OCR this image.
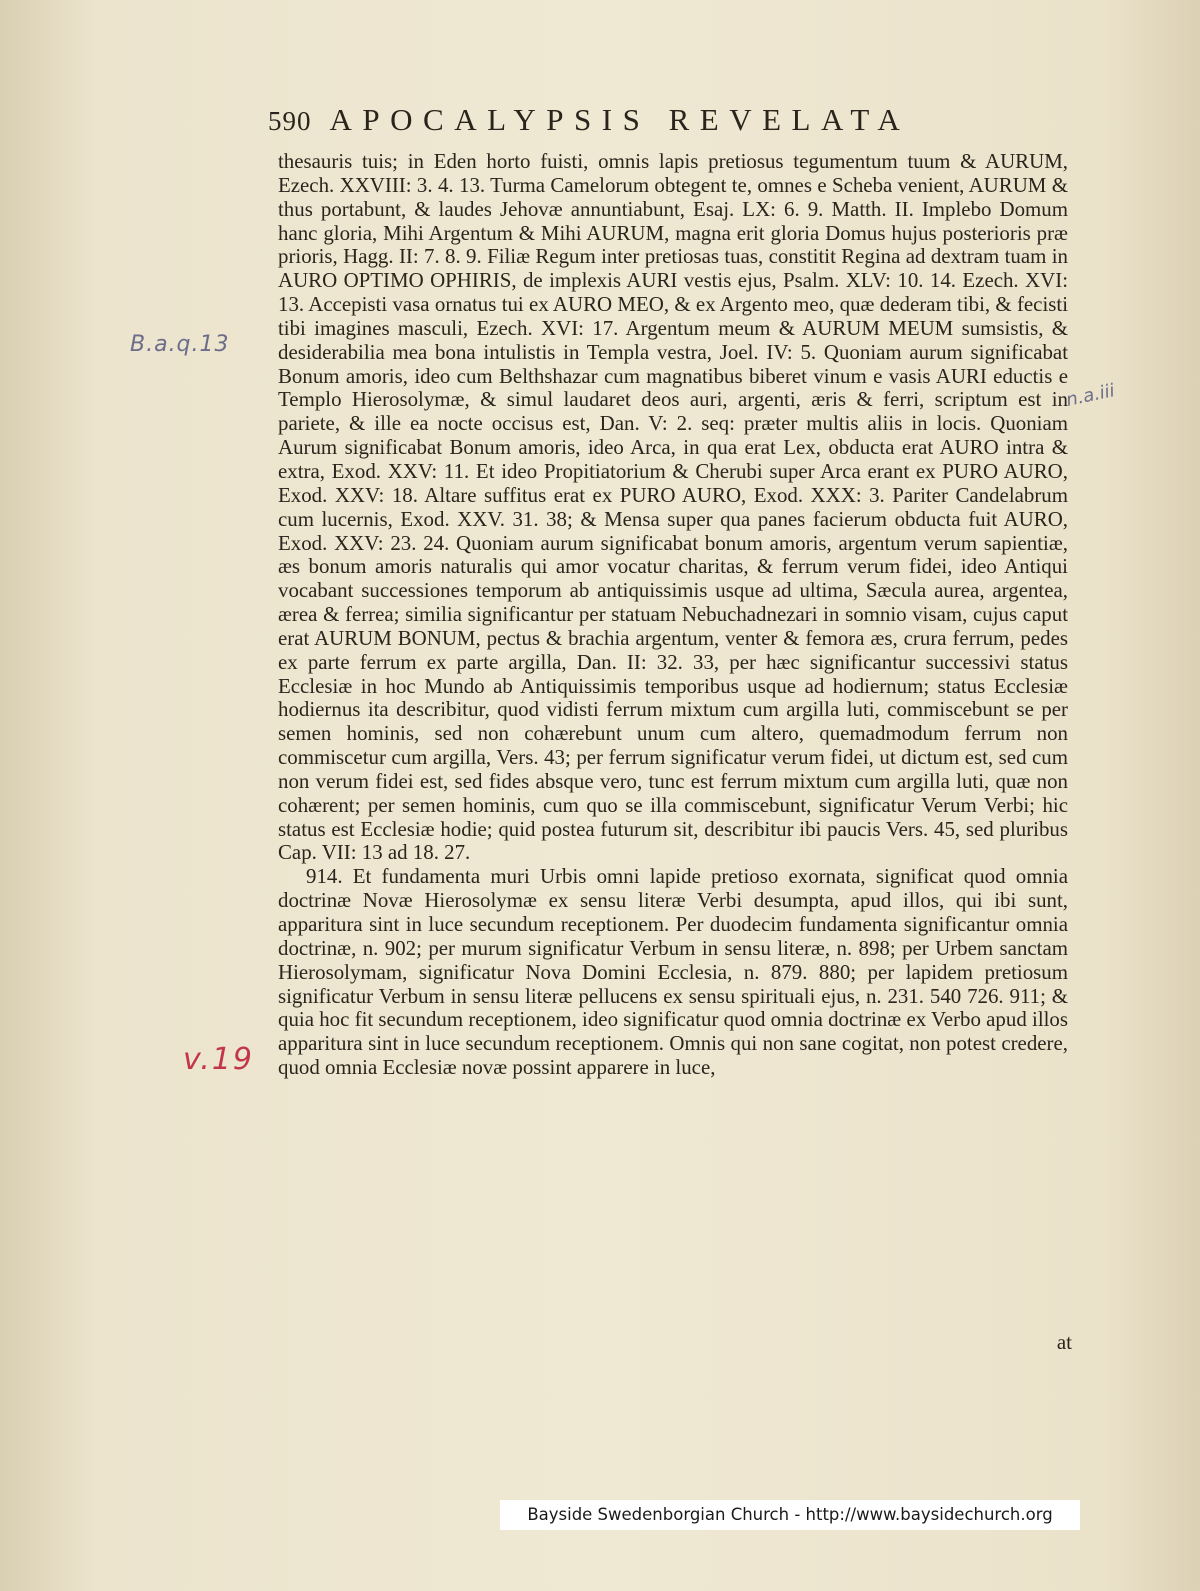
590 APOCALYPSIS REVELATA

thesauris tuis; in Eden horto fuisti, omnis lapis pretiosus tegumentum tuum & AURUM, Ezech. XXVIII: 3. 4. 13. Turma Camelorum obtegent te, omnes e Scheba venient, AURUM & thus portabunt, & laudes Jehovæ annuntiabunt, Esaj. LX: 6. 9. Matth. II. Implebo Domum hanc gloria, Mihi Argentum & Mihi AURUM, magna erit gloria Domus hujus posterioris præ prioris, Hagg. II: 7. 8. 9. Filiæ Regum inter pretiosas tuas, constitit Regina ad dextram tuam in AURO OPTIMO OPHIRIS, de implexis AURI vestis ejus, Psalm. XLV: 10. 14. Ezech. XVI: 13. Accepisti vasa ornatus tui ex AURO MEO, & ex Argento meo, quæ dederam tibi, & fecisti tibi imagines masculi, Ezech. XVI: 17. Argentum meum & AURUM MEUM sumsistis, & desiderabilia mea bona intulistis in Templa vestra, Joel. IV: 5. Quoniam aurum significabat Bonum amoris, ideo cum Belthshazar cum magnatibus biberet vinum e vasis AURI eductis e Templo Hierosolymæ, & simul laudaret deos auri, argenti, æris & ferri, scriptum est in pariete, & ille ea nocte occisus est, Dan. V: 2. seq: præter multis aliis in locis. Quoniam Aurum significabat Bonum amoris, ideo Arca, in qua erat Lex, obducta erat AURO intra & extra, Exod. XXV: 11. Et ideo Propitiatorium & Cherubi super Arca erant ex PURO AURO, Exod. XXV: 18. Altare suffitus erat ex PURO AURO, Exod. XXX: 3. Pariter Candelabrum cum lucernis, Exod. XXV. 31. 38; & Mensa super qua panes facierum obducta fuit AURO, Exod. XXV: 23. 24. Quoniam aurum significabat bonum amoris, argentum verum sapientiæ, æs bonum amoris naturalis qui amor vocatur charitas, & ferrum verum fidei, ideo Antiqui vocabant successiones temporum ab antiquissimis usque ad ultima, Sæcula aurea, argentea, ærea & ferrea; similia significantur per statuam Nebuchadnezari in somnio visam, cujus caput erat AURUM BONUM, pectus & brachia argentum, venter & femora æs, crura ferrum, pedes ex parte ferrum ex parte argilla, Dan. II: 32. 33, per hæc significantur successivi status Ecclesiæ in hoc Mundo ab Antiquissimis temporibus usque ad hodiernum; status Ecclesiæ hodiernus ita describitur, quod vidisti ferrum mixtum cum argilla luti, commiscebunt se per semen hominis, sed non cohærebunt unum cum altero, quemadmodum ferrum non commiscetur cum argilla, Vers. 43; per ferrum significatur verum fidei, ut dictum est, sed cum non verum fidei est, sed fides absque vero, tunc est ferrum mixtum cum argilla luti, quæ non cohærent; per semen hominis, cum quo se illa commiscebunt, significatur Verum Verbi; hic status est Ecclesiæ hodie; quid postea futurum sit, describitur ibi paucis Vers. 45, sed pluribus Cap. VII: 13 ad 18. 27.

914. Et fundamenta muri Urbis omni lapide pretioso exornata, significat quod omnia doctrinæ Novæ Hierosolymæ ex sensu literæ Verbi desumpta, apud illos, qui ibi sunt, apparitura sint in luce secundum receptionem. Per duodecim fundamenta significantur omnia doctrinæ, n. 902; per murum significatur Verbum in sensu literæ, n. 898; per Urbem sanctam Hierosolymam, significatur Nova Domini Ecclesia, n. 879. 880; per lapidem pretiosum significatur Verbum in sensu literæ pellucens ex sensu spirituali ejus, n. 231. 540 726. 911; & quia hoc fit secundum receptionem, ideo significatur quod omnia doctrinæ ex Verbo apud illos apparitura sint in luce secundum receptionem. Omnis qui non sane cogitat, non potest credere, quod omnia Ecclesiæ novæ possint apparere in luce,

at
B.a.q.13
n.a.iii
v.19
Bayside Swedenborgian Church - http://www.baysidechurch.org
